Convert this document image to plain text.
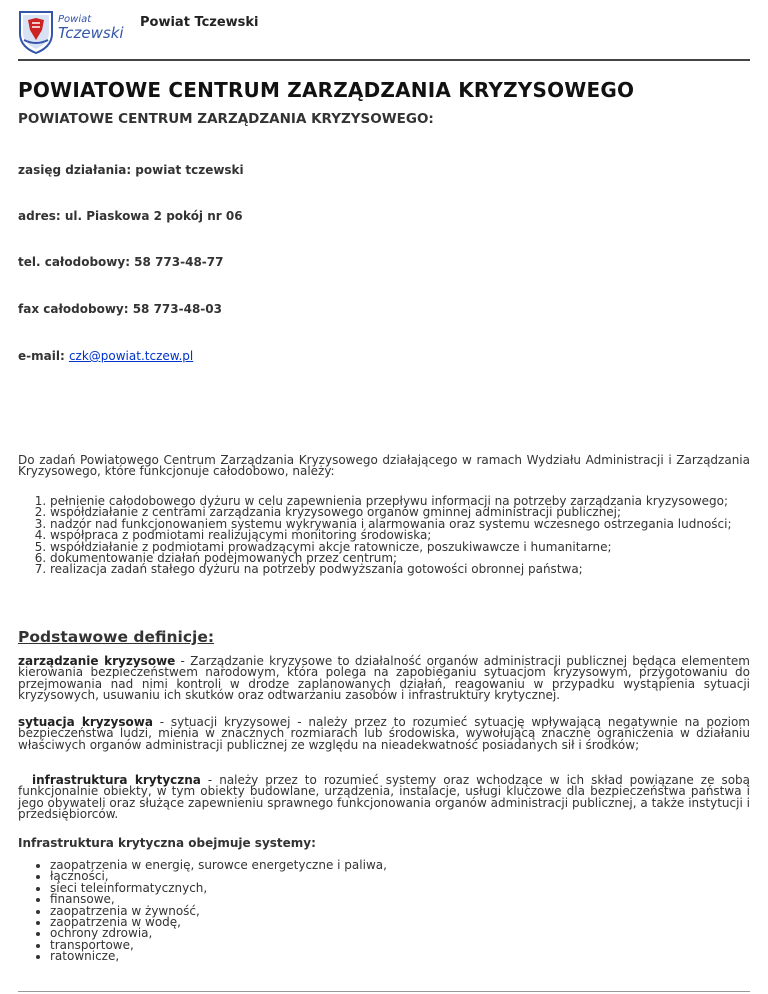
Powiat
Tczewski
Powiat Tczewski
POWIATOWE CENTRUM ZARZĄDZANIA KRYZYSOWEGO
POWIATOWE CENTRUM ZARZĄDZANIA KRYZYSOWEGO:

zasięg działania: powiat tczewski

adres: ul. Piaskowa 2 pokój nr 06

tel. całodobowy: 58 773-48-77

fax całodobowy: 58 773-48-03

e-mail: czk@powiat.tczew.pl

Do zadań Powiatowego Centrum Zarządzania Kryzysowego działającego w ramach Wydziału Administracji i Zarządzania Kryzysowego, które funkcjonuje całodobowo, należy:

1. pełnienie całodobowego dyżuru w celu zapewnienia przepływu informacji na potrzeby zarządzania kryzysowego;
2. współdziałanie z centrami zarządzania kryzysowego organów gminnej administracji publicznej;
3. nadzór nad funkcjonowaniem systemu wykrywania i alarmowania oraz systemu wczesnego ostrzegania ludności;
4. współpraca z podmiotami realizującymi monitoring środowiska;
5. współdziałanie z podmiotami prowadzącymi akcje ratownicze, poszukiwawcze i humanitarne;
6. dokumentowanie działań podejmowanych przez centrum;
7. realizacja zadań stałego dyżuru na potrzeby podwyższania gotowości obronnej państwa;
Podstawowe definicje:

zarządzanie kryzysowe - Zarządzanie kryzysowe to działalność organów administracji publicznej będąca elementem kierowania bezpieczeństwem narodowym, która polega na zapobieganiu sytuacjom kryzysowym, przygotowaniu do przejmowania nad nimi kontroli w drodze zaplanowanych działań, reagowaniu w przypadku wystąpienia sytuacji kryzysowych, usuwaniu ich skutków oraz odtwarzaniu zasobów i infrastruktury krytycznej.

sytuacja kryzysowa - sytuacji kryzysowej - należy przez to rozumieć sytuację wpływającą negatywnie na poziom bezpieczeństwa ludzi, mienia w znacznych rozmiarach lub środowiska, wywołującą znaczne ograniczenia w działaniu właściwych organów administracji publicznej ze względu na nieadekwatność posiadanych sił i środków;

infrastruktura krytyczna - należy przez to rozumieć systemy oraz wchodzące w ich skład powiązane ze sobą funkcjonalnie obiekty, w tym obiekty budowlane, urządzenia, instalacje, usługi kluczowe dla bezpieczeństwa państwa i jego obywateli oraz służące zapewnieniu sprawnego funkcjonowania organów administracji publicznej, a także instytucji i przedsiębiorców.

Infrastruktura krytyczna obejmuje systemy:

• zaopatrzenia w energię, surowce energetyczne i paliwa,
• łączności,
• sieci teleinformatycznych,
• finansowe,
• zaopatrzenia w żywność,
• zaopatrzenia w wodę,
• ochrony zdrowia,
• transportowe,
• ratownicze,
